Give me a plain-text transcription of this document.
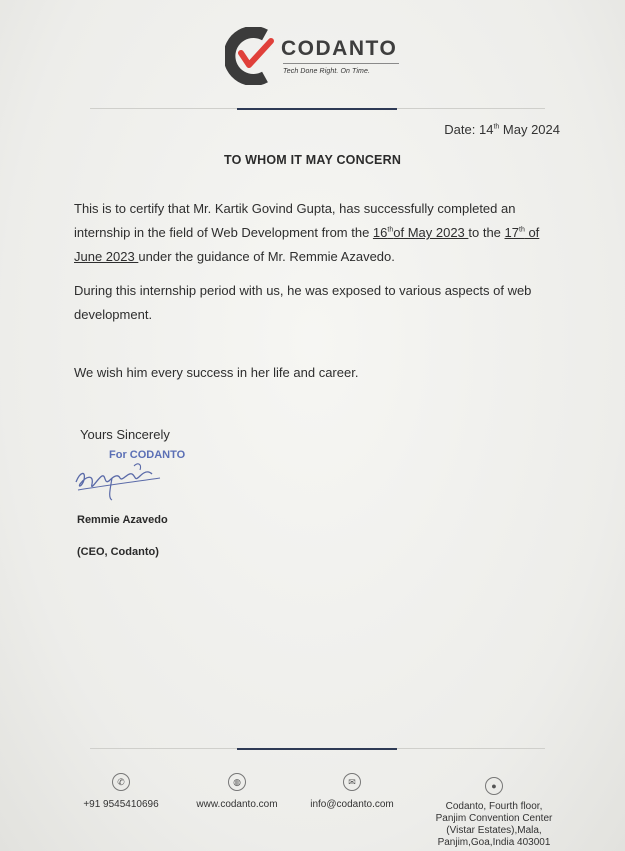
CODANTO
Tech Done Right. On Time.
Date: 14th May 2024
TO WHOM IT MAY CONCERN
This is to certify that Mr. Kartik Govind Gupta, has successfully completed an internship in the field of Web Development from the 16thof May 2023 to the 17th of June 2023 under the guidance of Mr. Remmie Azavedo.
During this internship period with us, he was exposed to various aspects of web development.
We wish him every success in her life and career.
Yours Sincerely
For CODANTO
Remmie Azavedo
(CEO, Codanto)
✆
+91 9545410696
◍
www.codanto.com
✉
info@codanto.com
●
Codanto, Fourth floor,
Panjim Convention Center
(Vistar Estates),Mala,
Panjim,Goa,India 403001
